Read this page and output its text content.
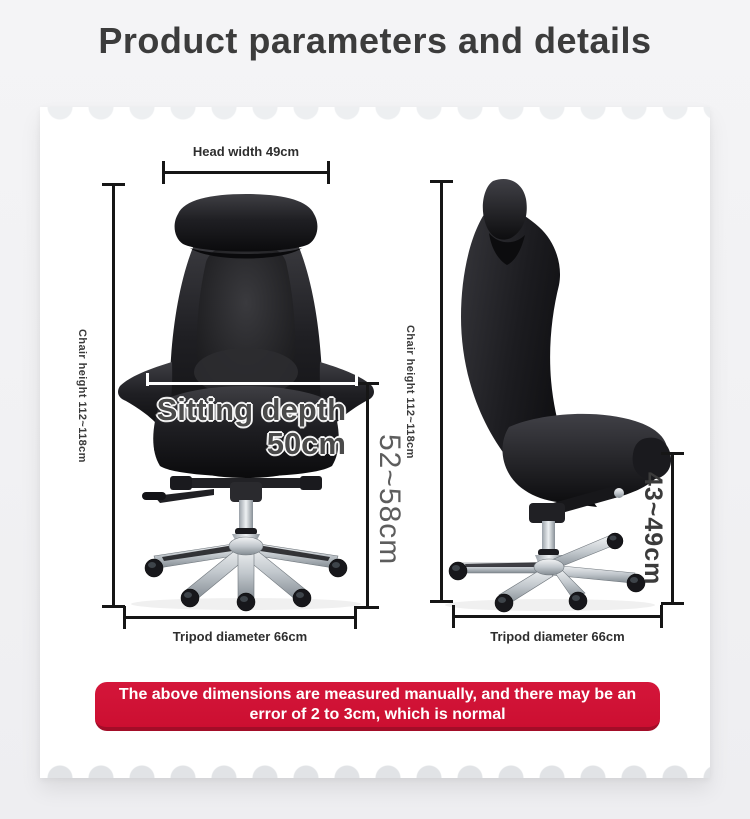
Product parameters and details
Head width 49cm
Chair height 112~118cm Sitting depth
50cm 52~58cm
Tripod diameter 66cm
Chair height 112~118cm
43~49cm
Tripod diameter 66cm
The above dimensions are measured manually, and there may be an
error of 2 to 3cm, which is normal
